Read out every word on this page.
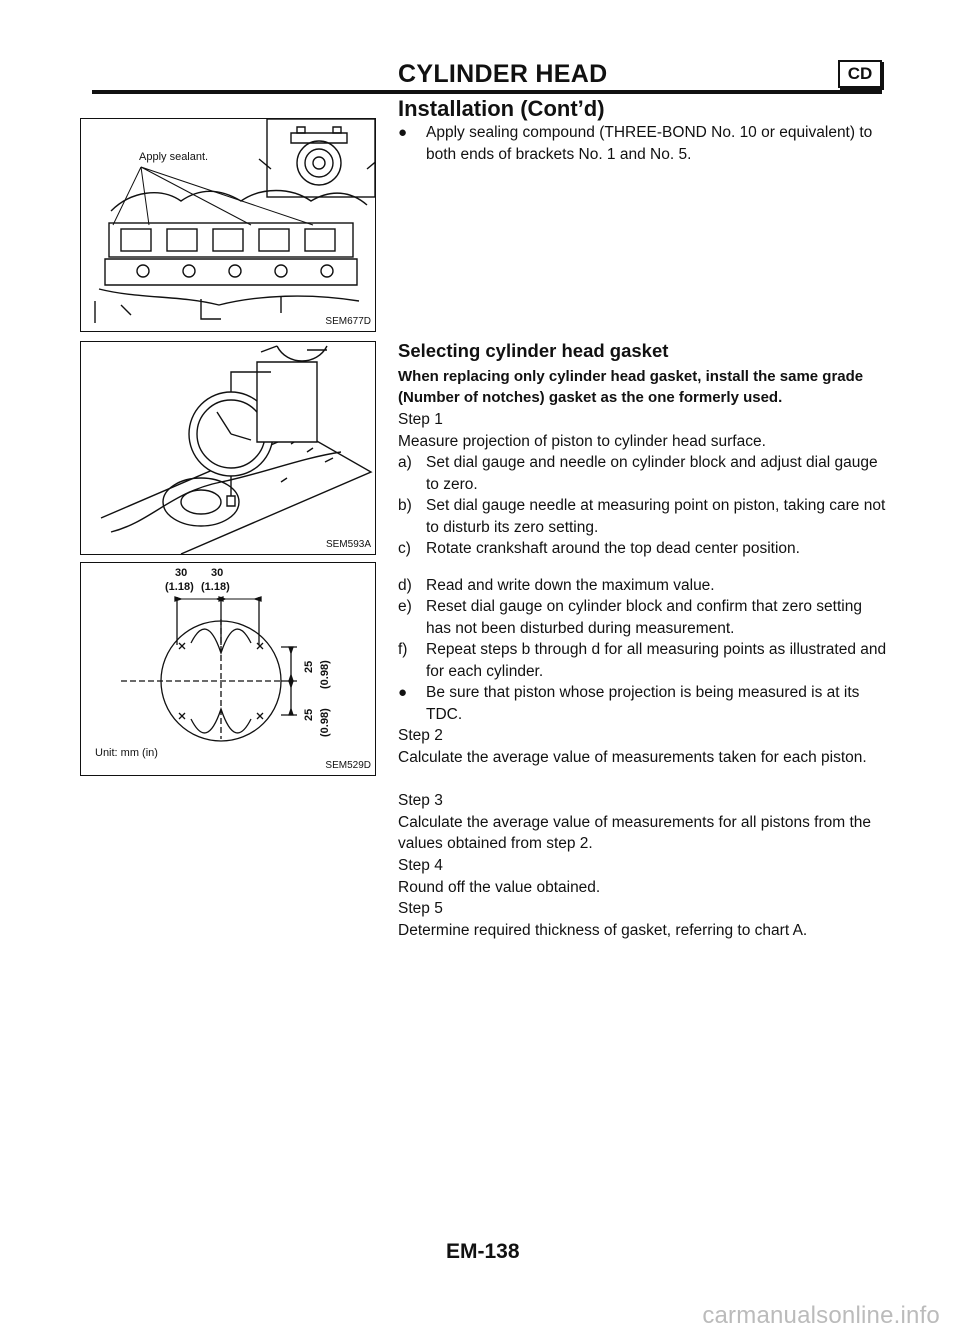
CYLINDER HEAD	CD
Installation (Cont’d)
● Apply sealing compound (THREE-BOND No. 10 or equivalent) to both ends of brackets No. 1 and No. 5.
Apply sealant.
SEM677D
SEM593A
30 30
(1.18) (1.18)
25 (0.98)
25 (0.98)
Unit: mm (in)
SEM529D
Selecting cylinder head gasket
When replacing only cylinder head gasket, install the same grade (Number of notches) gasket as the one formerly used.
Step 1
Measure projection of piston to cylinder head surface.
a) Set dial gauge and needle on cylinder block and adjust dial gauge to zero.
b) Set dial gauge needle at measuring point on piston, taking care not to disturb its zero setting.
c) Rotate crankshaft around the top dead center position.
d) Read and write down the maximum value.
e) Reset dial gauge on cylinder block and confirm that zero setting has not been disturbed during measurement.
f) Repeat steps b through d for all measuring points as illustrated and for each cylinder.
● Be sure that piston whose projection is being measured is at its TDC.
Step 2
Calculate the average value of measurements taken for each piston.
Step 3
Calculate the average value of measurements for all pistons from the values obtained from step 2.
Step 4
Round off the value obtained.
Step 5
Determine required thickness of gasket, referring to chart A.
EM-138
carmanualsonline.info
